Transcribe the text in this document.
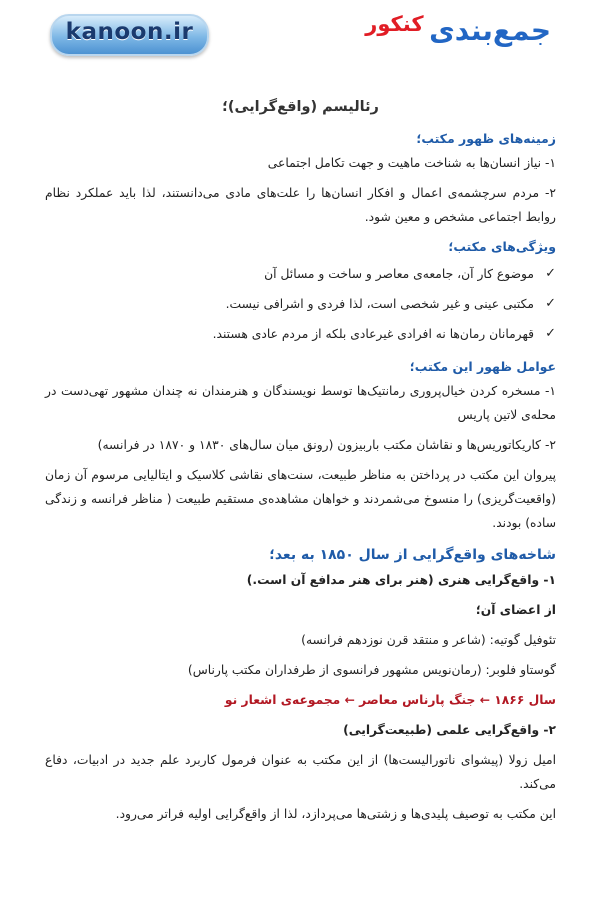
kanoon.ir	جمع‌بندی کنکور
رئالیسم (واقع‌گرایی)؛
زمینه‌های ظهور مکتب؛

۱- نیاز انسان‌ها به شناخت ماهیت و جهت تکامل اجتماعی

۲- مردم سرچشمه‌ی اعمال و افکار انسان‌ها را علت‌های مادی می‌دانستند، لذا باید عملکرد نظام روابط اجتماعی مشخص و معین شود.

ویژگی‌های مکتب؛
✓
موضوع کار آن، جامعه‌ی معاصر و ساخت و مسائل آن
✓
مکتبی عینی و غیر شخصی است، لذا فردی و اشرافی نیست.
✓
قهرمانان رمان‌ها نه افرادی غیرعادی بلکه از مردم عادی هستند.
عوامل ظهور این مکتب؛

۱- مسخره کردن خیال‌پروری رمانتیک‌ها توسط نویسندگان و هنرمندان نه چندان مشهور تهی‌دست در محله‌ی لاتین پاریس

۲- کاریکاتوریس‌ها و نقاشان مکتب باربیزون (رونق میان سال‌های ۱۸۳۰ و ۱۸۷۰ در فرانسه)

پیروان این مکتب در پرداختن به مناظر طبیعت، سنت‌های نقاشی کلاسیک و ایتالیایی مرسوم آن زمان (واقعیت‌گریزی) را منسوخ می‌شمردند و خواهان مشاهده‌ی مستقیم طبیعت ( مناظر فرانسه و زندگی ساده) بودند.

شاخه‌های واقع‌گرایی از سال ۱۸۵۰ به بعد؛

۱- واقع‌گرایی هنری (هنر برای هنر مدافع آن است.)

از اعضای آن؛

تئوفیل گوتیه: (شاعر و منتقد قرن نوزدهم فرانسه)

گوستاو فلوبر: (رمان‌نویس مشهور فرانسوی از طرفداران مکتب پارناس)

سال ۱۸۶۶ ← جنگ پارناس معاصر ← مجموعه‌ی اشعار نو

۲- واقع‌گرایی علمی (طبیعت‌گرایی)

امیل زولا (پیشوای ناتورالیست‌ها) از این مکتب به عنوان فرمول کاربرد علم جدید در ادبیات، دفاع می‌کند.

این مکتب به توصیف پلیدی‌ها و زشتی‌ها می‌پردازد، لذا از واقع‌گرایی اولیه فراتر می‌رود.
